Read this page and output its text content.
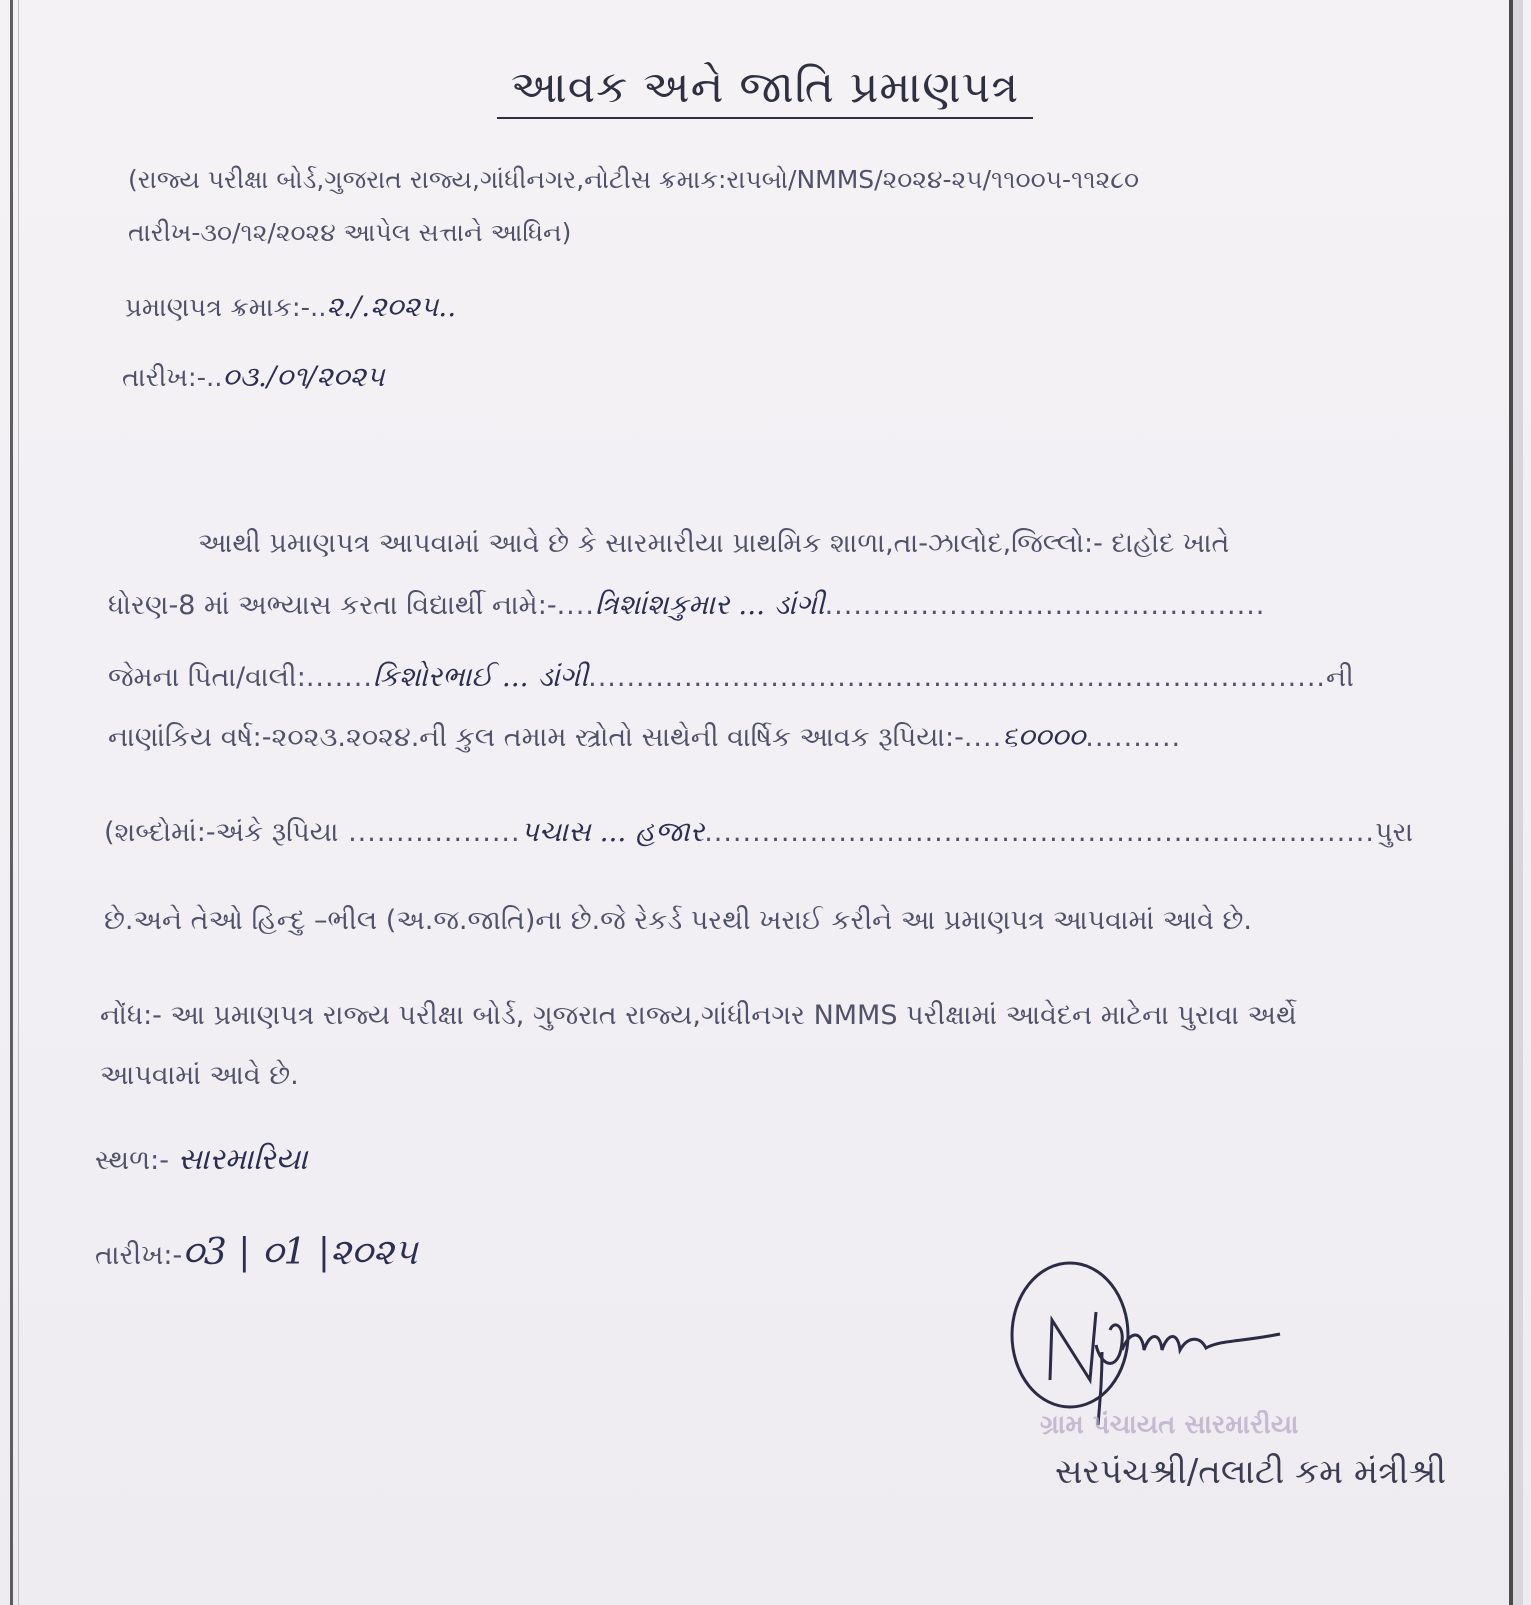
આવક અને જાતિ પ્રમાણપત્ર
(રાજ્ય પરીક્ષા બોર્ડ,ગુજરાત રાજ્ય,ગાંધીનગર,નોટીસ ક્રમાક:રાપબો/NMMS/૨૦૨૪-૨૫/૧૧૦૦૫-૧૧૨૮૦
તારીખ-૩૦/૧૨/૨૦૨૪ આપેલ સત્તાને આધિન)
પ્રમાણપત્ર ક્રમાક:-..૨./.૨૦૨૫..
તારીખ:-..૦૩./૦૧/૨૦૨૫
આથી પ્રમાણપત્ર આપવામાં આવે છે કે સારમારીયા પ્રાથમિક શાળા,તા-ઝાલોદ,જિલ્લો:- દાહોદ ખાતે
ધોરણ-8 માં અભ્યાસ કરતા વિદ્યાર્થી નામે:-....ત્રિશાંશકુમાર ... ડાંગી..............................................
જેમના પિતા/વાલી:.......કિશોરભાઈ ... ડાંગી.............................................................................ની
નાણાંકિય વર્ષ:-૨૦૨૩.૨૦૨૪.ની કુલ તમામ સ્ત્રોતો સાથેની વાર્ષિક આવક રૂપિયા:-....૬૦૦૦૦..........
(શબ્દોમાં:-અંકે રૂપિયા ..................પચાસ ... હજાર......................................................................પુરા
છે.અને તેઓ હિન્દુ –ભીલ (અ.જ.જાતિ)ના છે.જે રેકર્ડ પરથી ખરાઈ કરીને આ પ્રમાણપત્ર આપવામાં આવે છે.
નોંધ:- આ પ્રમાણપત્ર રાજ્ય પરીક્ષા બોર્ડ, ગુજરાત રાજ્ય,ગાંધીનગર NMMS પરીક્ષામાં આવેદન માટેના પુરાવા અર્થે
આપવામાં આવે છે.
સ્થળ:- સારમારિયા
તારીખ:-૦3 | ૦1 |૨૦૨૫
ગ્રામ પંચાયત સારમારીયા
સરપંચશ્રી/તલાટી કમ મંત્રીશ્રી
